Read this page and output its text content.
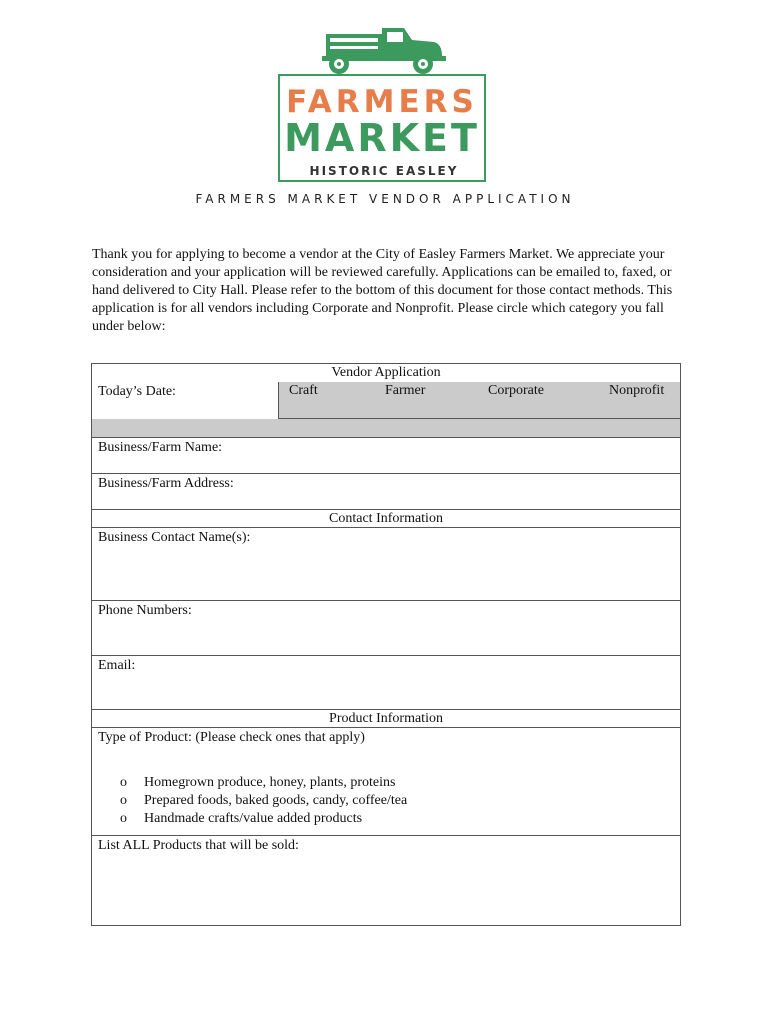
FARMERS
MARKET
HISTORIC EASLEY
FARMERS MARKET VENDOR APPLICATION
Thank you for applying to become a vendor at the City of Easley Farmers Market. We appreciate your consideration and your application will be reviewed carefully. Applications can be emailed to, faxed, or hand delivered to City Hall. Please refer to the bottom of this document for those contact methods. This application is for all vendors including Corporate and Nonprofit. Please circle which category you fall under below:
Vendor Application
Today’s Date:	Craft	Farmer	Corporate	Nonprofit
Business/Farm Name:
Business/Farm Address:
Contact Information
Business Contact Name(s):
Phone Numbers:
Email:
Product Information
Type of Product: (Please check ones that apply)
o Homegrown produce, honey, plants, proteins
o Prepared foods, baked goods, candy, coffee/tea
o Handmade crafts/value added products
List ALL Products that will be sold:
